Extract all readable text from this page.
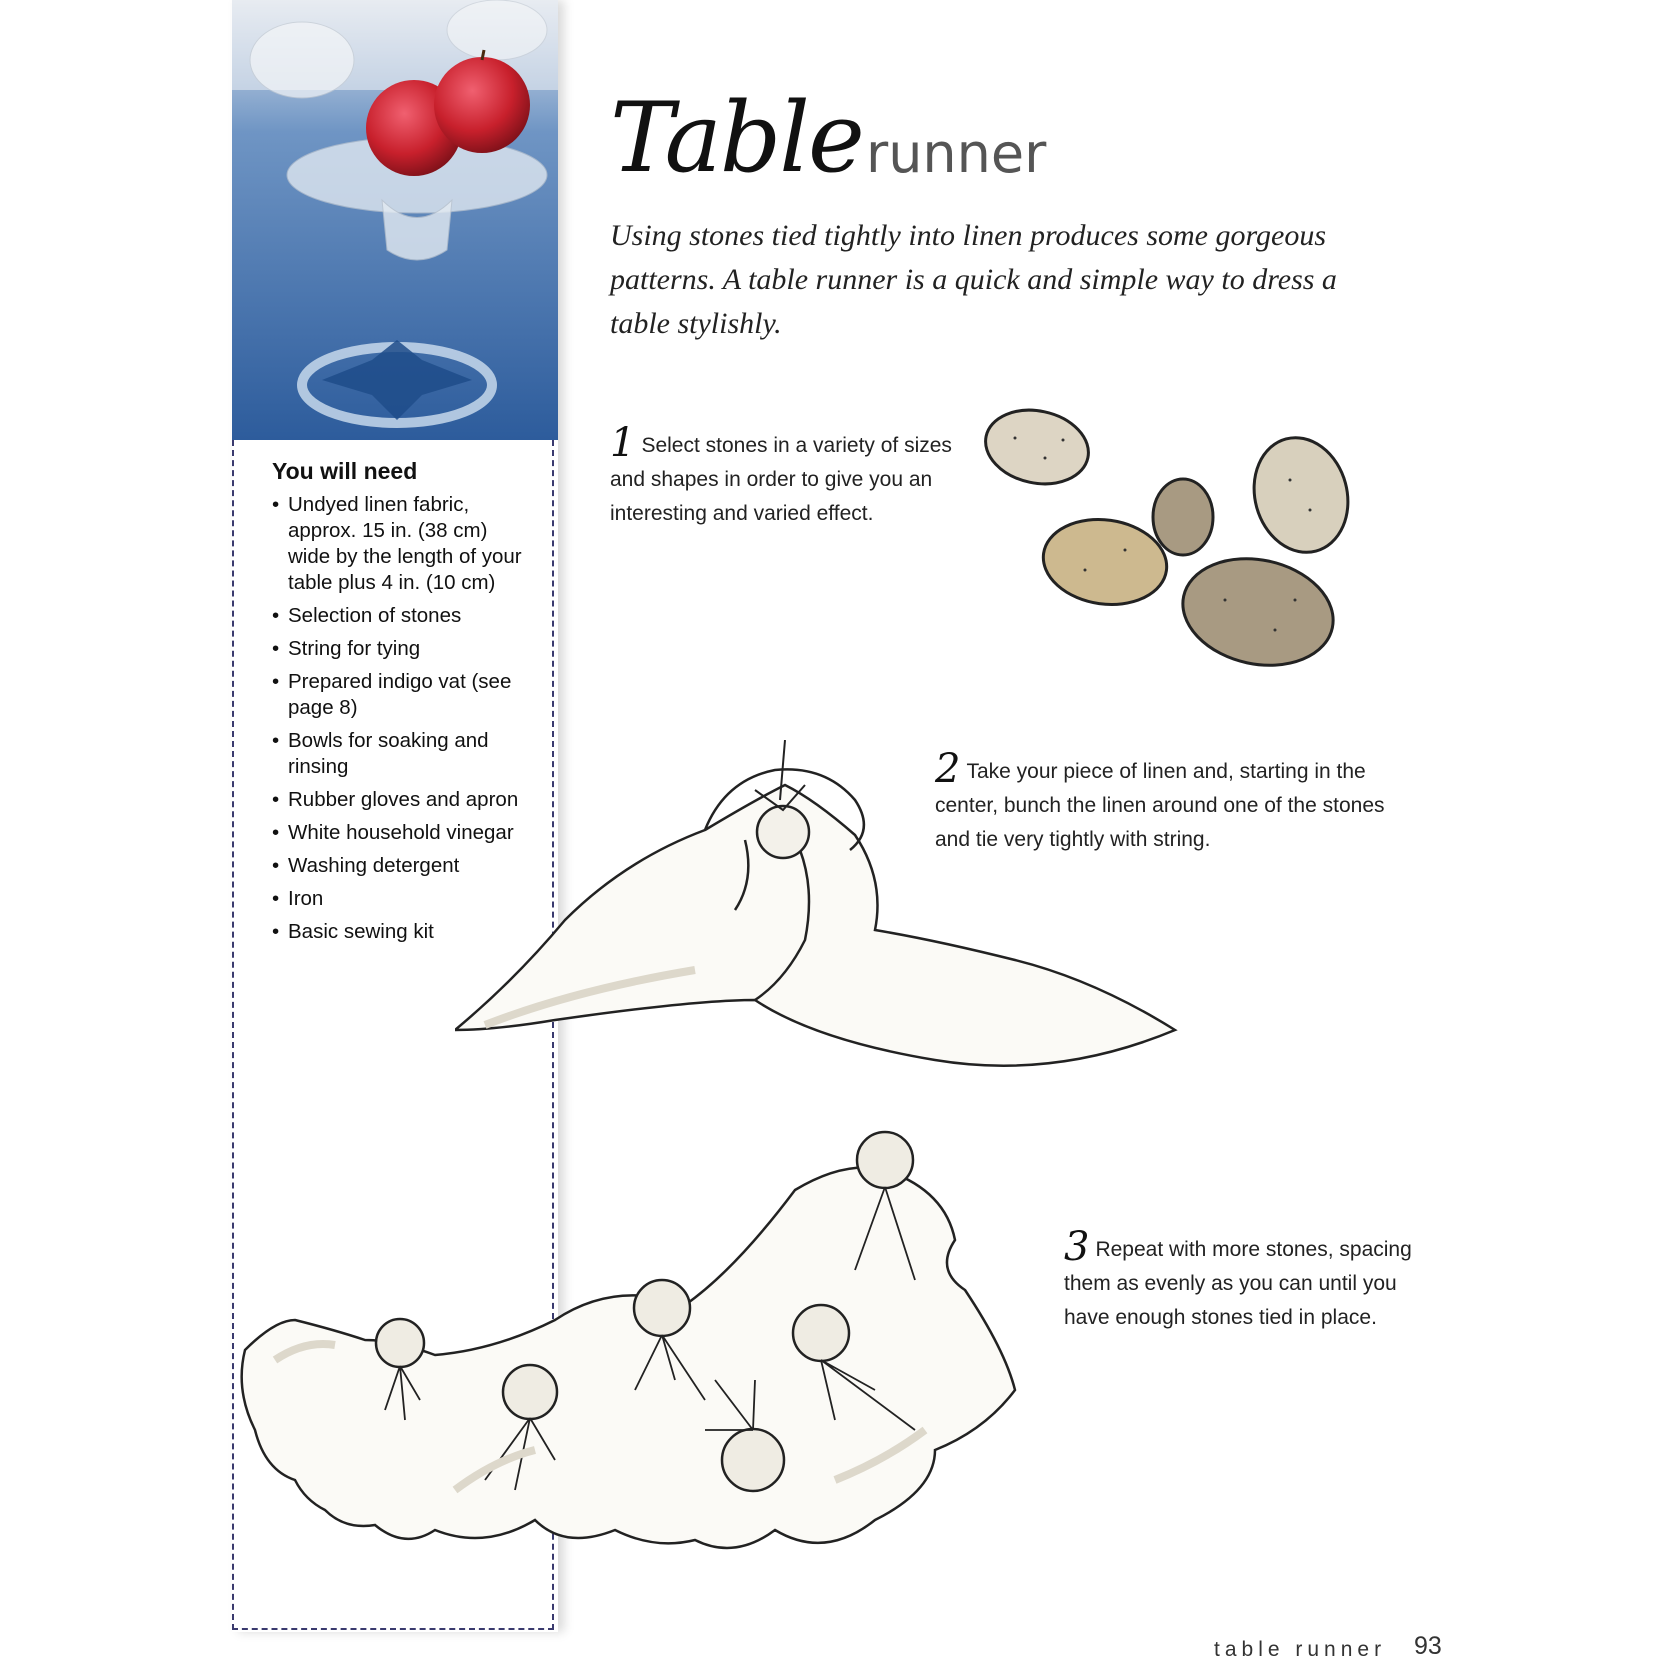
You will need
• Undyed linen fabric, approx. 15 in. (38 cm) wide by the length of your table plus 4 in. (10 cm)
• Selection of stones
• String for tying
• Prepared indigo vat (see page 8)
• Bowls for soaking and rinsing
• Rubber gloves and apron
• White household vinegar
• Washing detergent
• Iron
• Basic sewing kit
Table runner
Using stones tied tightly into linen produces some gorgeous patterns. A table runner is a quick and simple way to dress a table stylishly.
1 Select stones in a variety of sizes and shapes in order to give you an interesting and varied effect.
2 Take your piece of linen and, starting in the center, bunch the linen around one of the stones and tie very tightly with string.
3 Repeat with more stones, spacing them as evenly as you can until you have enough stones tied in place.
table runner 93
